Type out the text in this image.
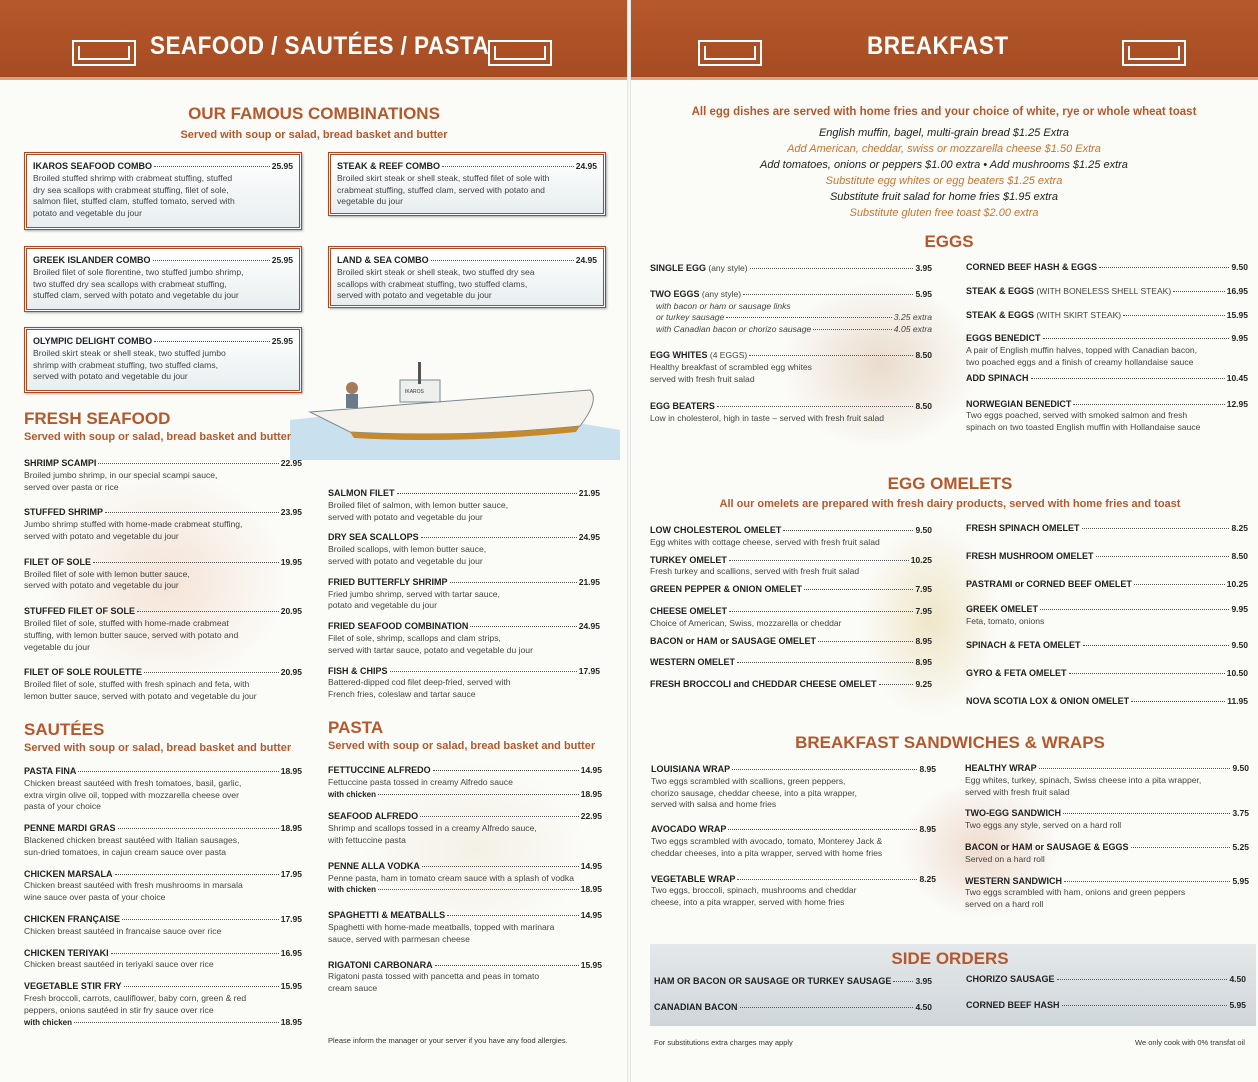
SEAFOOD / SAUTÉES / PASTA	BREAKFAST
IKAROS
OUR FAMOUS COMBINATIONS
Served with soup or salad, bread basket and butter
IKAROS SEAFOOD COMBO	25.95
Broiled stuffed shrimp with crabmeat stuffing, stuffed
dry sea scallops with crabmeat stuffing, filet of sole,
salmon filet, stuffed clam, stuffed tomato, served with
potato and vegetable du jour
STEAK & REEF COMBO	24.95
Broiled skirt steak or shell steak, stuffed filet of sole with
crabmeat stuffing, stuffed clam, served with potato and
vegetable du jour
GREEK ISLANDER COMBO	25.95
Broiled filet of sole florentine, two stuffed jumbo shrimp,
two stuffed dry sea scallops with crabmeat stuffing,
stuffed clam, served with potato and vegetable du jour
LAND & SEA COMBO	24.95
Broiled skirt steak or shell steak, two stuffed dry sea
scallops with crabmeat stuffing, two stuffed clams,
served with potato and vegetable du jour
OLYMPIC DELIGHT COMBO	25.95
Broiled skirt steak or shell steak, two stuffed jumbo
shrimp with crabmeat stuffing, two stuffed clams,
served with potato and vegetable du jour
FRESH SEAFOOD
Served with soup or salad, bread basket and butter
SHRIMP SCAMPI	22.95
Broiled jumbo shrimp, in our special scampi sauce,
served over pasta or rice
STUFFED SHRIMP	23.95
Jumbo shrimp stuffed with home-made crabmeat stuffing,
served with potato and vegetable du jour
FILET OF SOLE	19.95
Broiled filet of sole with lemon butter sauce,
served with potato and vegetable du jour
STUFFED FILET OF SOLE	20.95
Broiled filet of sole, stuffed with home-made crabmeat
stuffing, with lemon butter sauce, served with potato and
vegetable du jour
FILET OF SOLE ROULETTE	20.95
Broiled filet of sole, stuffed with fresh spinach and feta, with
lemon butter sauce, served with potato and vegetable du jour
SALMON FILET	21.95
Broiled filet of salmon, with lemon butter sauce,
served with potato and vegetable du jour
DRY SEA SCALLOPS	24.95
Broiled scallops, with lemon butter sauce,
served with potato and vegetable du jour
FRIED BUTTERFLY SHRIMP	21.95
Fried jumbo shrimp, served with tartar sauce,
potato and vegetable du jour
FRIED SEAFOOD COMBINATION	24.95
Filet of sole, shrimp, scallops and clam strips,
served with tartar sauce, potato and vegetable du jour
FISH & CHIPS	17.95
Battered-dipped cod filet deep-fried, served with
French fries, coleslaw and tartar sauce
SAUTÉES
Served with soup or salad, bread basket and butter
PASTA FINA	18.95
Chicken breast sautéed with fresh tomatoes, basil, garlic,
extra virgin olive oil, topped with mozzarella cheese over
pasta of your choice
PENNE MARDI GRAS	18.95
Blackened chicken breast sautéed with Italian sausages,
sun-dried tomatoes, in cajun cream sauce over pasta
CHICKEN MARSALA	17.95
Chicken breast sautéed with fresh mushrooms in marsala
wine sauce over pasta of your choice
CHICKEN FRANÇAISE	17.95
Chicken breast sautéed in francaise sauce over rice
CHICKEN TERIYAKI	16.95
Chicken breast sautéed in teriyaki sauce over rice
VEGETABLE STIR FRY	15.95
Fresh broccoli, carrots, cauliflower, baby corn, green & red
peppers, onions sautéed in stir fry sauce over rice
with chicken	18.95
PASTA
Served with soup or salad, bread basket and butter
FETTUCCINE ALFREDO	14.95
Fettuccine pasta tossed in creamy Alfredo sauce
with chicken	18.95
SEAFOOD ALFREDO	22.95
Shrimp and scallops tossed in a creamy Alfredo sauce,
with fettuccine pasta
PENNE ALLA VODKA	14.95
Penne pasta, ham in tomato cream sauce with a splash of vodka
with chicken	18.95
SPAGHETTI & MEATBALLS	14.95
Spaghetti with home-made meatballs, topped with marinara
sauce, served with parmesan cheese
RIGATONI CARBONARA	15.95
Rigatoni pasta tossed with pancetta and peas in tomato
cream sauce
Please inform the manager or your server if you have any food allergies.
All egg dishes are served with home fries and your choice of white, rye or whole wheat toast
English muffin, bagel, multi-grain bread $1.25 Extra
Add American, cheddar, swiss or mozzarella cheese $1.50 Extra
Add tomatoes, onions or peppers $1.00 extra • Add mushrooms $1.25 extra
Substitute egg whites or egg beaters $1.25 extra
Substitute fruit salad for home fries $1.95 extra
Substitute gluten free toast $2.00 extra
EGGS
SINGLE EGG (any style)	3.95
TWO EGGS (any style)	5.95
with bacon or ham or sausage links
or turkey sausage	3.25 extra
with Canadian bacon or chorizo sausage	4.05 extra
EGG WHITES (4 EGGS)	8.50
Healthy breakfast of scrambled egg whites
served with fresh fruit salad
EGG BEATERS	8.50
Low in cholesterol, high in taste – served with fresh fruit salad
CORNED BEEF HASH & EGGS	9.50
STEAK & EGGS (WITH BONELESS SHELL STEAK)	16.95
STEAK & EGGS (WITH SKIRT STEAK)	15.95
EGGS BENEDICT	9.95
A pair of English muffin halves, topped with Canadian bacon,
two poached eggs and a finish of creamy hollandaise sauce
ADD SPINACH	10.45
NORWEGIAN BENEDICT	12.95
Two eggs poached, served with smoked salmon and fresh
spinach on two toasted English muffin with Hollandaise sauce
EGG OMELETS
All our omelets are prepared with fresh dairy products, served with home fries and toast
LOW CHOLESTEROL OMELET	9.50
Egg whites with cottage cheese, served with fresh fruit salad
TURKEY OMELET	10.25
Fresh turkey and scallions, served with fresh fruit salad
GREEN PEPPER & ONION OMELET	7.95
CHEESE OMELET	7.95
Choice of American, Swiss, mozzarella or cheddar
BACON or HAM or SAUSAGE OMELET	8.95
WESTERN OMELET	8.95
FRESH BROCCOLI and CHEDDAR CHEESE OMELET	9.25
FRESH SPINACH OMELET	8.25
FRESH MUSHROOM OMELET	8.50
PASTRAMI or CORNED BEEF OMELET	10.25
GREEK OMELET	9.95
Feta, tomato, onions
SPINACH & FETA OMELET	9.50
GYRO & FETA OMELET	10.50
NOVA SCOTIA LOX & ONION OMELET	11.95
BREAKFAST SANDWICHES & WRAPS
LOUISIANA WRAP	8.95
Two eggs scrambled with scallions, green peppers,
chorizo sausage, cheddar cheese, into a pita wrapper,
served with salsa and home fries
AVOCADO WRAP	8.95
Two eggs scrambled with avocado, tomato, Monterey Jack &
cheddar cheeses, into a pita wrapper, served with home fries
VEGETABLE WRAP	8.25
Two eggs, broccoli, spinach, mushrooms and cheddar
cheese, into a pita wrapper, served with home fries
HEALTHY WRAP	9.50
Egg whites, turkey, spinach, Swiss cheese into a pita wrapper,
served with fresh fruit salad
TWO-EGG SANDWICH	3.75
Two eggs any style, served on a hard roll
BACON or HAM or SAUSAGE & EGGS	5.25
Served on a hard roll
WESTERN SANDWICH	5.95
Two eggs scrambled with ham, onions and green peppers
served on a hard roll
SIDE ORDERS
HAM OR BACON OR SAUSAGE OR TURKEY SAUSAGE	3.95
CANADIAN BACON	4.50
CHORIZO SAUSAGE	4.50
CORNED BEEF HASH	5.95
For substitutions extra charges may apply	We only cook with 0% transfat oil
